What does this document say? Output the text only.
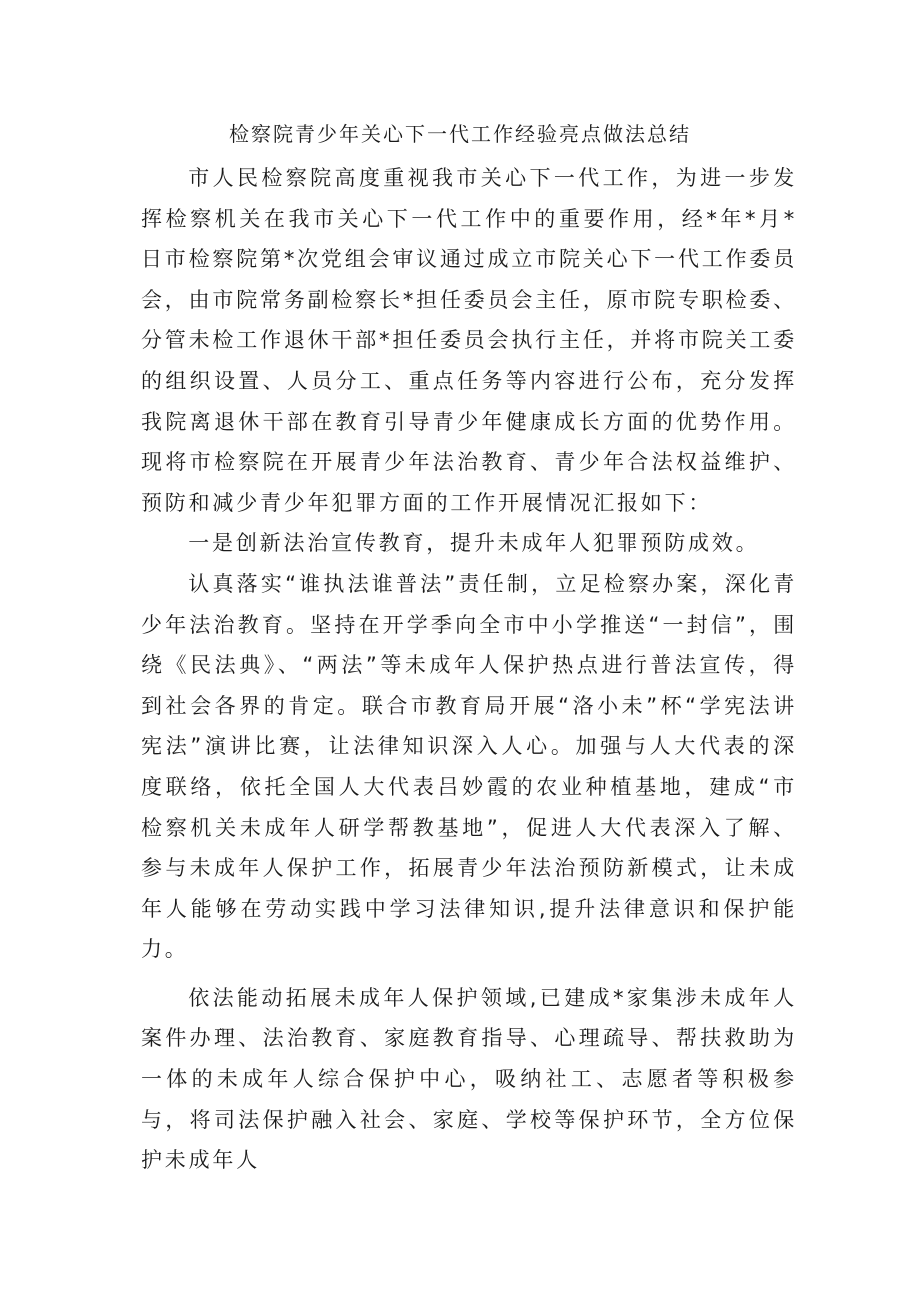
检察院青少年关心下一代工作经验亮点做法总结

市人民检察院高度重视我市关心下一代工作，为进一步发挥检察机关在我市关心下一代工作中的重要作用，经*年*月*日市检察院第*次党组会审议通过成立市院关心下一代工作委员会，由市院常务副检察长*担任委员会主任，原市院专职检委、分管未检工作退休干部*担任委员会执行主任，并将市院关工委的组织设置、人员分工、重点任务等内容进行公布，充分发挥我院离退休干部在教育引导青少年健康成长方面的优势作用。现将市检察院在开展青少年法治教育、青少年合法权益维护、预防和减少青少年犯罪方面的工作开展情况汇报如下：

一是创新法治宣传教育，提升未成年人犯罪预防成效。

认真落实“谁执法谁普法”责任制，立足检察办案，深化青少年法治教育。坚持在开学季向全市中小学推送“一封信”，围绕《民法典》、“两法”等未成年人保护热点进行普法宣传，得到社会各界的肯定。联合市教育局开展“洛小未”杯“学宪法讲宪法”演讲比赛，让法律知识深入人心。加强与人大代表的深度联络，依托全国人大代表吕妙霞的农业种植基地，建成“市检察机关未成年人研学帮教基地”，促进人大代表深入了解、参与未成年人保护工作，拓展青少年法治预防新模式，让未成年人能够在劳动实践中学习法律知识,提升法律意识和保护能力。

依法能动拓展未成年人保护领域,已建成*家集涉未成年人案件办理、法治教育、家庭教育指导、心理疏导、帮扶救助为一体的未成年人综合保护中心，吸纳社工、志愿者等积极参与，将司法保护融入社会、家庭、学校等保护环节，全方位保护未成年人
